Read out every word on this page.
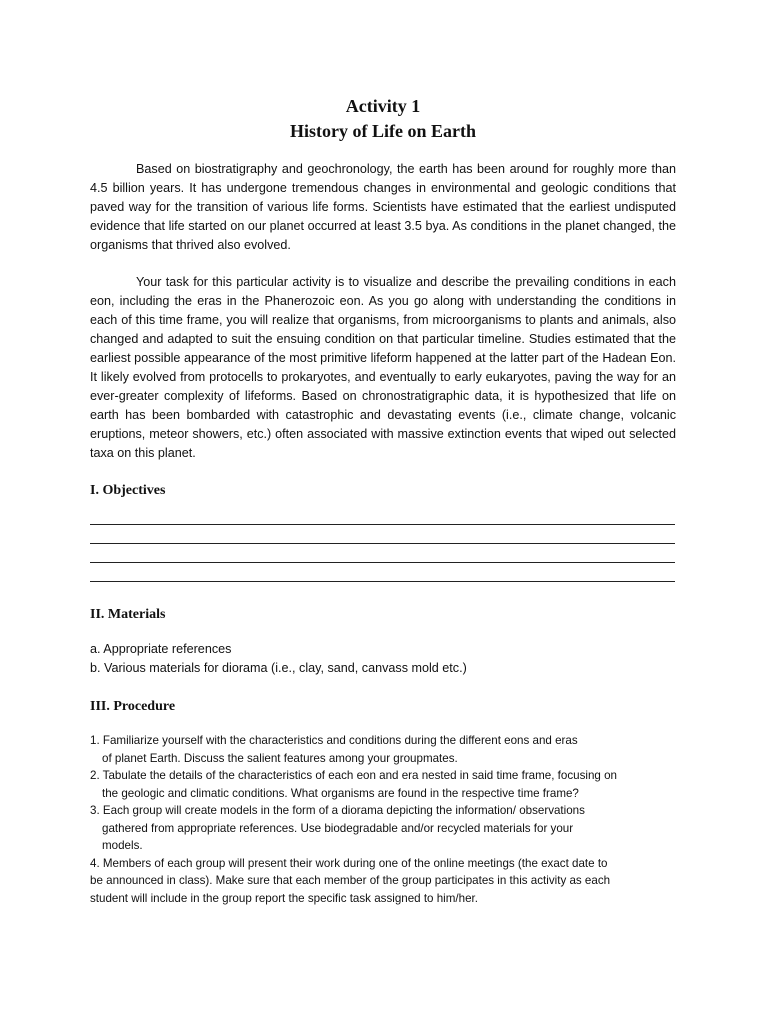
Activity 1

History of Life on Earth

Based on biostratigraphy and geochronology, the earth has been around for roughly more than 4.5 billion years. It has undergone tremendous changes in environmental and geologic conditions that paved way for the transition of various life forms. Scientists have estimated that the earliest undisputed evidence that life started on our planet occurred at least 3.5 bya. As conditions in the planet changed, the organisms that thrived also evolved.

Your task for this particular activity is to visualize and describe the prevailing conditions in each eon, including the eras in the Phanerozoic eon. As you go along with understanding the conditions in each of this time frame, you will realize that organisms, from microorganisms to plants and animals, also changed and adapted to suit the ensuing condition on that particular timeline. Studies estimated that the earliest possible appearance of the most primitive lifeform happened at the latter part of the Hadean Eon. It likely evolved from protocells to prokaryotes, and eventually to early eukaryotes, paving the way for an ever-greater complexity of lifeforms. Based on chronostratigraphic data, it is hypothesized that life on earth has been bombarded with catastrophic and devastating events (i.e., climate change, volcanic eruptions, meteor showers, etc.) often associated with massive extinction events that wiped out selected taxa on this planet.

I. Objectives

II. Materials

a. Appropriate references
b. Various materials for diorama (i.e., clay, sand, canvass mold etc.)

III. Procedure

1. Familiarize yourself with the characteristics and conditions during the different eons and eras
of planet Earth. Discuss the salient features among your groupmates.
2. Tabulate the details of the characteristics of each eon and era nested in said time frame, focusing on
the geologic and climatic conditions. What organisms are found in the respective time frame?
3. Each group will create models in the form of a diorama depicting the information/ observations
gathered from appropriate references. Use biodegradable and/or recycled materials for your
models.
4. Members of each group will present their work during one of the online meetings (the exact date to
be announced in class). Make sure that each member of the group participates in this activity as each
student will include in the group report the specific task assigned to him/her.
